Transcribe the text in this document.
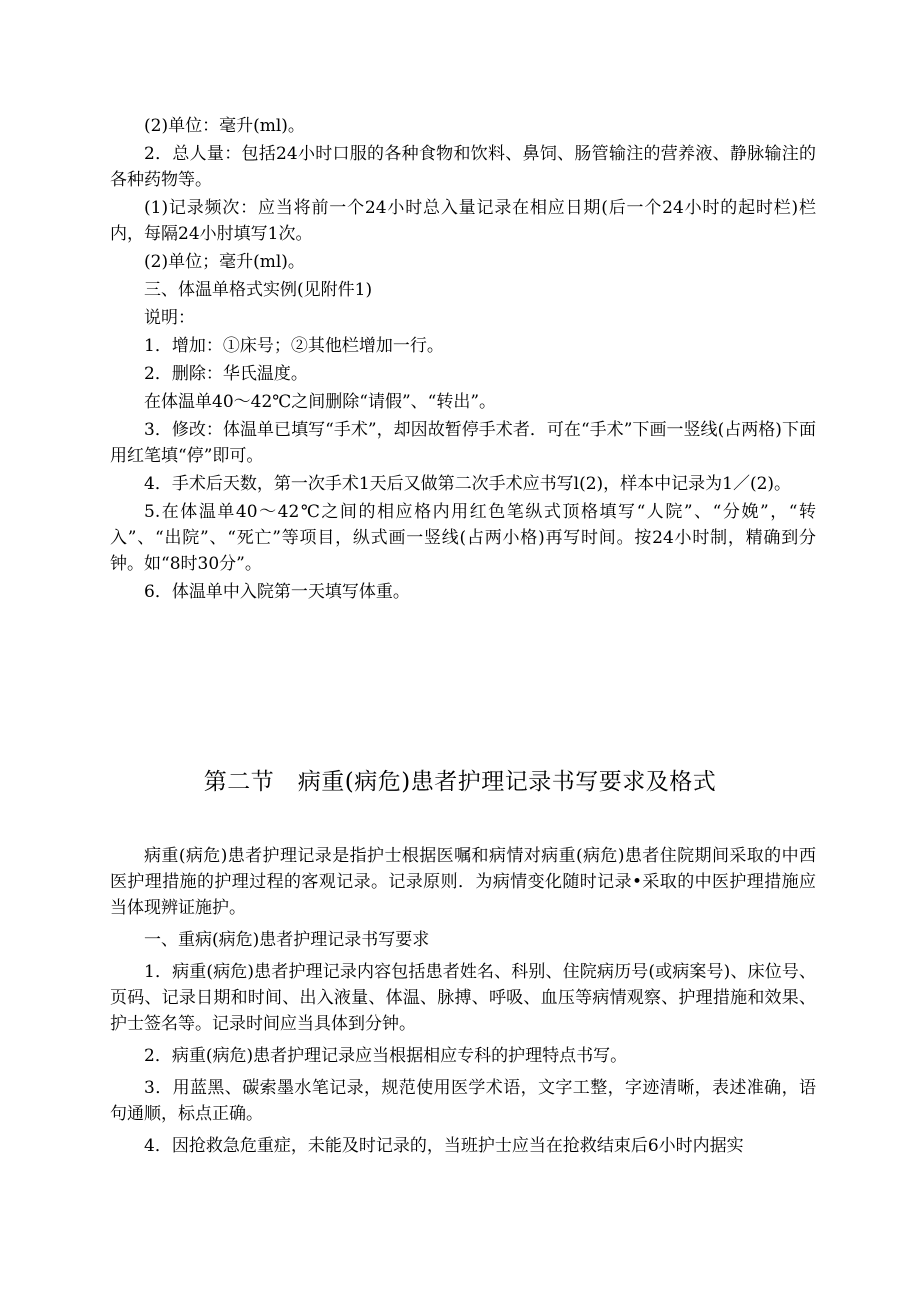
(2)单位：毫升(ml)。

2．总人量：包括24小时口服的各种食物和饮料、鼻饲、肠管输注的营养液、静脉输注的各种药物等。

(1)记录频次：应当将前一个24小时总入量记录在相应日期(后一个24小时的起时栏)栏内，每隔24小肘填写1次。

(2)单位；毫升(ml)。

三、体温单格式实例(见附件1)

说明：

1．增加：①床号；②其他栏增加一行。

2．删除：华氏温度。

在体温单40～42℃之间删除“请假”、“转出”。

3．修改：体温单已填写“手术”，却因故暂停手术者．可在“手术”下画一竖线(占两格)下面用红笔填“停”即可。

4．手术后天数，第一次手术1天后又做第二次手术应书写l(2)，样本中记录为1／(2)。

5.在体温单40～42℃之间的相应格内用红色笔纵式顶格填写“人院”、“分娩”，“转入”、“出院”、“死亡”等项目，纵式画一竖线(占两小格)再写时间。按24小时制，精确到分钟。如“8时30分”。

6．体温单中入院第一天填写体重。

第二节　病重(病危)患者护理记录书写要求及格式

病重(病危)患者护理记录是指护士根据医嘱和病情对病重(病危)患者住院期间采取的中西医护理措施的护理过程的客观记录。记录原则．为病情变化随时记录•采取的中医护理措施应当体现辨证施护。

一、重病(病危)患者护理记录书写要求

1．病重(病危)患者护理记录内容包括患者姓名、科别、住院病历号(或病案号)、床位号、页码、记录日期和时间、出入液量、体温、脉搏、呼吸、血压等病情观察、护理措施和效果、护士签名等。记录时间应当具体到分钟。

2．病重(病危)患者护理记录应当根据相应专科的护理特点书写。

3．用蓝黑、碳索墨水笔记录，规范使用医学术语，文字工整，字迹清晰，表述准确，语句通顺，标点正确。

4．因抢救急危重症，未能及时记录的，当班护士应当在抢救结束后6小时内据实
